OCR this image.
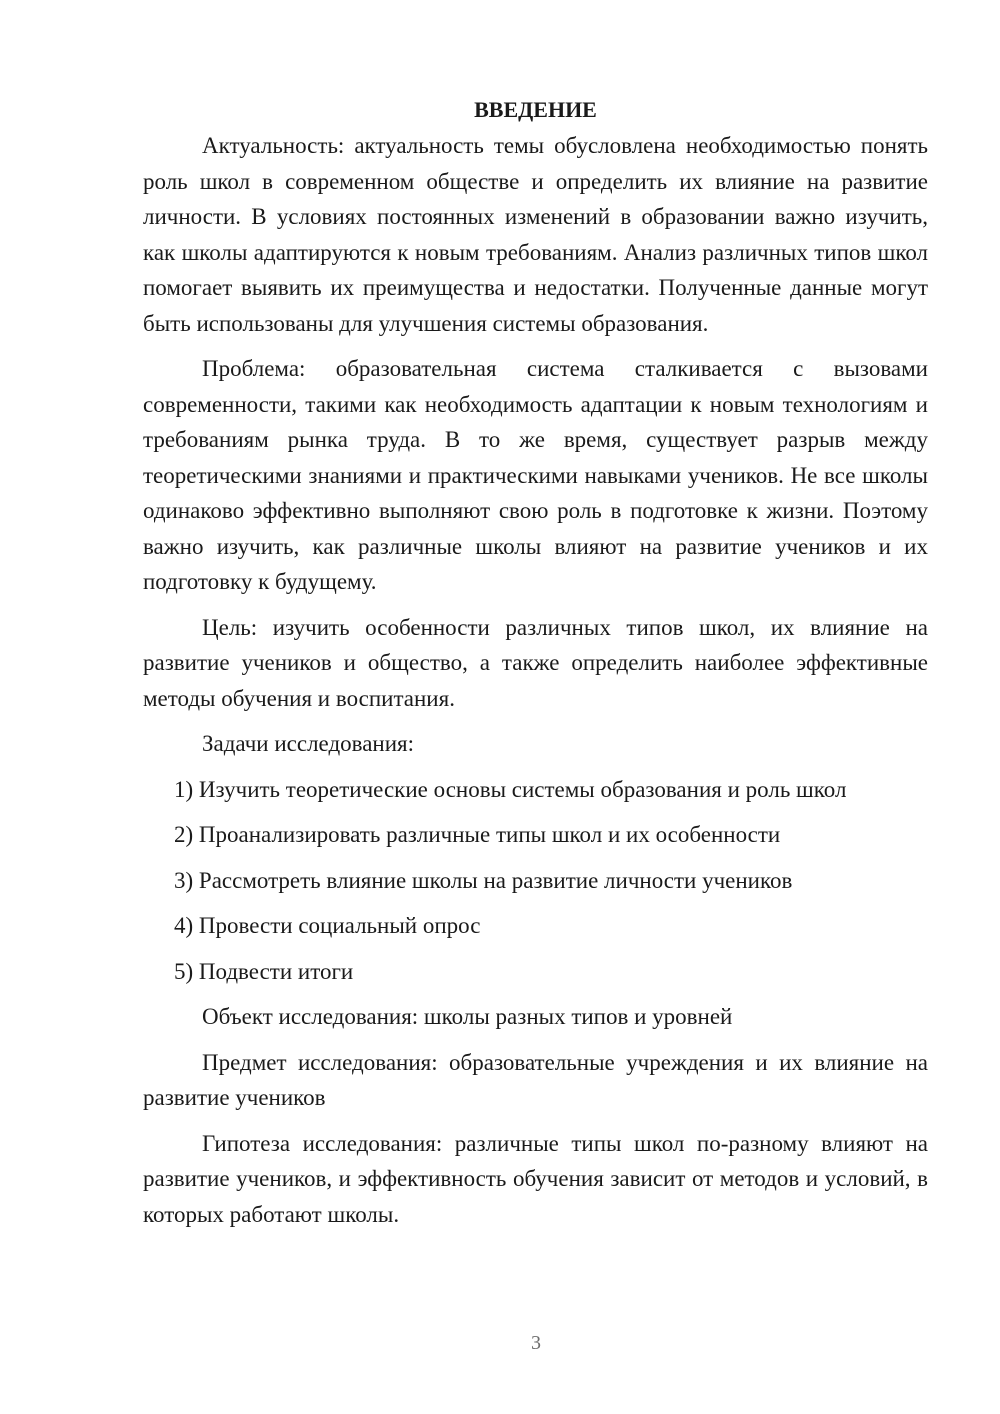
ВВЕДЕНИЕ

Актуальность: актуальность темы обусловлена необходимостью понять роль школ в современном обществе и определить их влияние на развитие личности. В условиях постоянных изменений в образовании важно изучить, как школы адаптируются к новым требованиям. Анализ различных типов школ помогает выявить их преимущества и недостатки. Полученные данные могут быть использованы для улучшения системы образования.

Проблема: образовательная система сталкивается с вызовами современности, такими как необходимость адаптации к новым технологиям и требованиям рынка труда. В то же время, существует разрыв между теоретическими знаниями и практическими навыками учеников. Не все школы одинаково эффективно выполняют свою роль в подготовке к жизни. Поэтому важно изучить, как различные школы влияют на развитие учеников и их подготовку к будущему.

Цель: изучить особенности различных типов школ, их влияние на развитие учеников и общество, а также определить наиболее эффективные методы обучения и воспитания.

Задачи исследования:

1) Изучить теоретические основы системы образования и роль школ

2) Проанализировать различные типы школ и их особенности

3) Рассмотреть влияние школы на развитие личности учеников

4) Провести социальный опрос

5) Подвести итоги

Объект исследования: школы разных типов и уровней

Предмет исследования: образовательные учреждения и их влияние на развитие учеников

Гипотеза исследования: различные типы школ по-разному влияют на развитие учеников, и эффективность обучения зависит от методов и условий, в которых работают школы.

3
